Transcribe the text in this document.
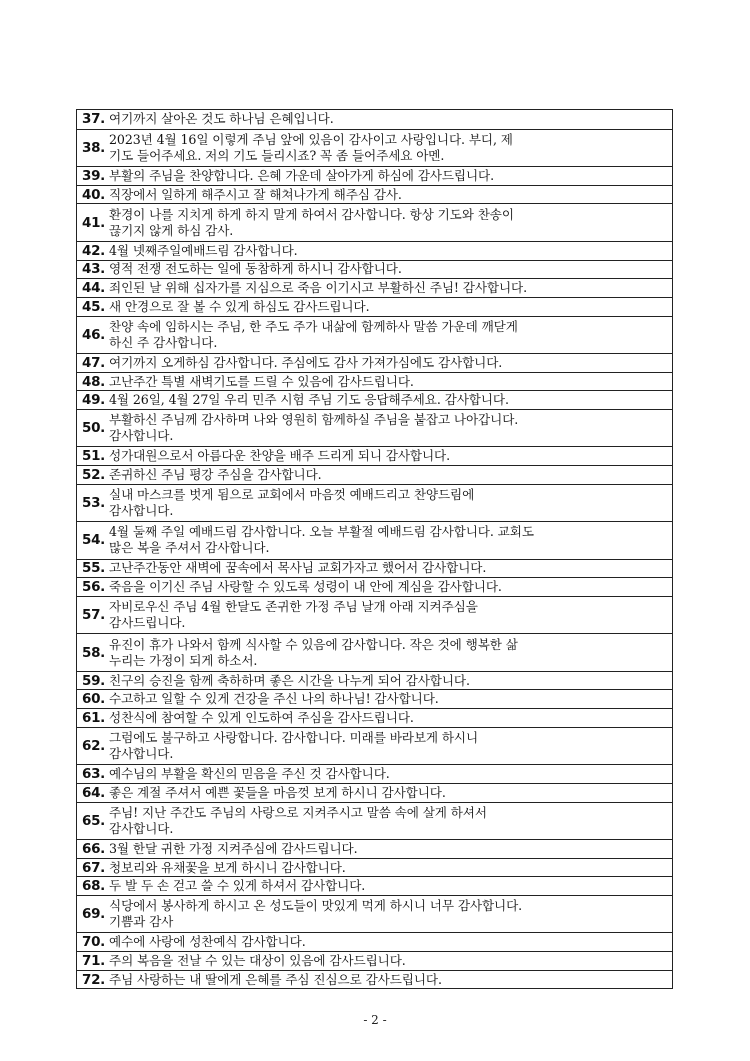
37. 여기까지 살아온 것도 하나님 은혜입니다.
38.
2023년 4월 16일 이렇게 주님 앞에 있음이 감사이고 사랑입니다. 부디, 제
기도 들어주세요. 저의 기도 들리시죠? 꼭 좀 들어주세요 아멘.
39. 부활의 주님을 찬양합니다. 은혜 가운데 살아가게 하심에 감사드립니다.
40. 직장에서 일하게 해주시고 잘 해쳐나가게 해주심 감사.
41.
환경이 나를 지치게 하게 하지 말게 하여서 감사합니다. 항상 기도와 찬송이
끊기지 않게 하심 감사.
42. 4월 넷째주일예배드림 감사합니다.
43. 영적 전쟁 전도하는 일에 동참하게 하시니 감사합니다.
44. 죄인된 날 위해 십자가를 지심으로 죽음 이기시고 부활하신 주님! 감사합니다.
45. 새 안경으로 잘 볼 수 있게 하심도 감사드립니다.
46.
찬양 속에 임하시는 주님, 한 주도 주가 내삶에 함께하사 말씀 가운데 깨닫게
하신 주 감사합니다.
47. 여기까지 오게하심 감사합니다. 주심에도 감사 가져가심에도 감사합니다.
48. 고난주간 특별 새벽기도를 드릴 수 있음에 감사드립니다.
49. 4월 26일, 4월 27일 우리 민주 시험 주님 기도 응답해주세요. 감사합니다.
50.
부활하신 주님께 감사하며 나와 영원히 함께하실 주님을 붙잡고 나아갑니다.
감사합니다.
51. 성가대원으로서 아름다운 찬양을 배주 드리게 되니 감사합니다.
52. 존귀하신 주님 평강 주심을 감사합니다.
53.
실내 마스크를 벗게 됨으로 교회에서 마음껏 예배드리고 찬양드림에
감사합니다.
54.
4월 둘째 주일 예배드림 감사합니다. 오늘 부활절 예배드림 감사합니다. 교회도
많은 복을 주셔서 감사합니다.
55. 고난주간동안 새벽에 꿈속에서 목사님 교회가자고 했어서 감사합니다.
56. 죽음을 이기신 주님 사랑할 수 있도록 성령이 내 안에 계심을 감사합니다.
57.
자비로우신 주님 4월 한달도 존귀한 가정 주님 날개 아래 지켜주심을
감사드립니다.
58.
유진이 휴가 나와서 함께 식사할 수 있음에 감사합니다. 작은 것에 행복한 삶
누리는 가정이 되게 하소서.
59. 친구의 승진을 함께 축하하며 좋은 시간을 나누게 되어 감사합니다.
60. 수고하고 일할 수 있게 건강을 주신 나의 하나님! 감사합니다.
61. 성찬식에 참여할 수 있게 인도하여 주심을 감사드립니다.
62.
그럼에도 불구하고 사랑합니다. 감사합니다. 미래를 바라보게 하시니
감사합니다.
63. 예수님의 부활을 확신의 믿음을 주신 것 감사합니다.
64. 좋은 계절 주셔서 예쁜 꽃들을 마음껏 보게 하시니 감사합니다.
65.
주님! 지난 주간도 주님의 사랑으로 지켜주시고 말씀 속에 살게 하셔서
감사합니다.
66. 3월 한달 귀한 가정 지켜주심에 감사드립니다.
67. 청보리와 유채꽃을 보게 하시니 감사합니다.
68. 두 발 두 손 걷고 쓸 수 있게 하셔서 감사합니다.
69.
식당에서 봉사하게 하시고 온 성도들이 맛있게 먹게 하시니 너무 감사합니다.
기쁨과 감사
70. 예수에 사랑에 성찬예식 감사합니다.
71. 주의 복음을 전날 수 있는 대상이 있음에 감사드립니다.
72. 주님 사랑하는 내 딸에게 은혜를 주심 진심으로 감사드립니다.
- 2 -
